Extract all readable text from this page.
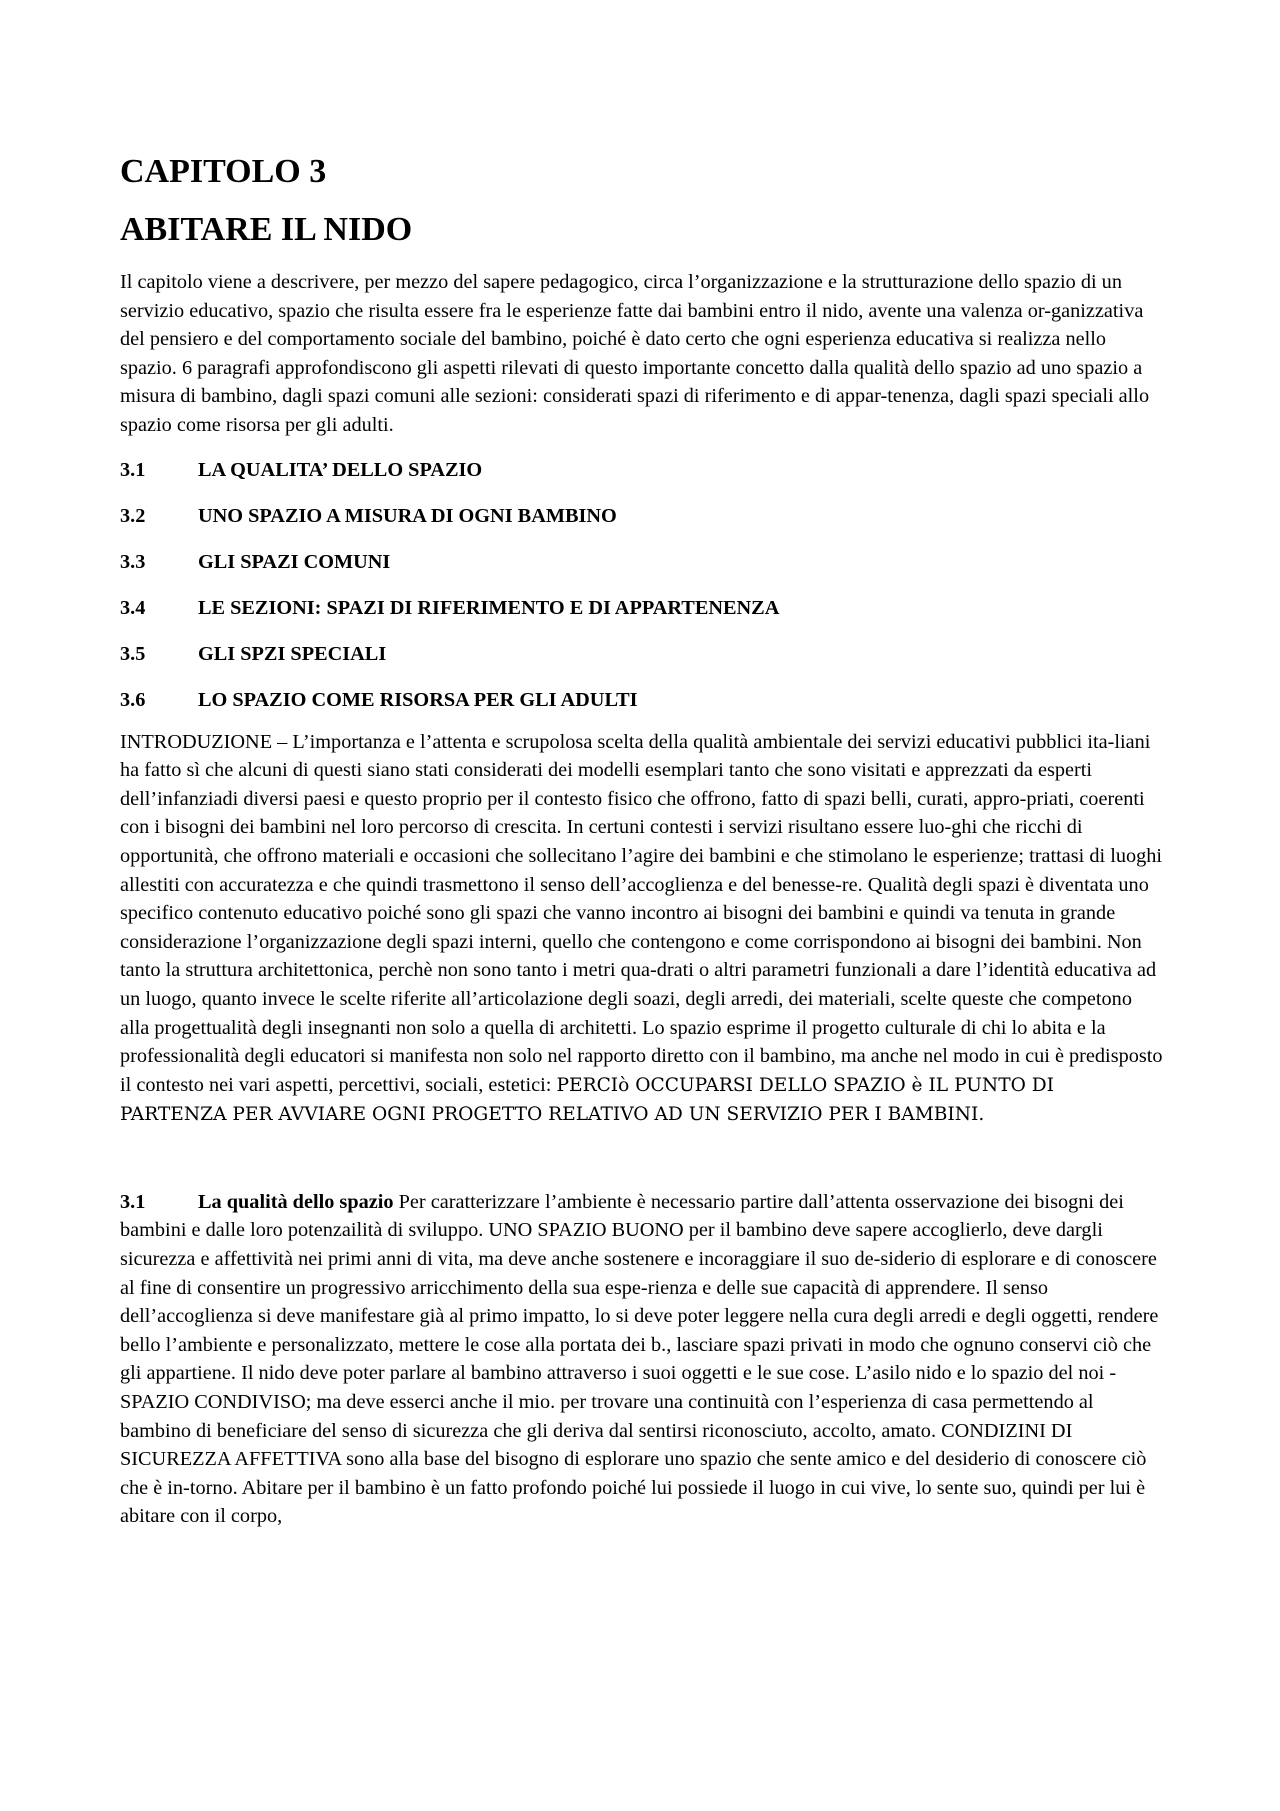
CAPITOLO 3
ABITARE IL NIDO

Il capitolo viene a descrivere, per mezzo del sapere pedagogico, circa l’organizzazione e la strutturazione dello spazio di un servizio educativo, spazio che risulta essere fra le esperienze fatte dai bambini entro il nido, avente una valenza or-ganizzativa del pensiero e del comportamento sociale del bambino, poiché è dato certo che ogni esperienza educativa si realizza nello spazio. 6 paragrafi approfondiscono gli aspetti rilevati di questo importante concetto dalla qualità dello spazio ad uno spazio a misura di bambino, dagli spazi comuni alle sezioni: considerati spazi di riferimento e di appar-tenenza, dagli spazi speciali allo spazio come risorsa per gli adulti.

3.1	LA QUALITA’ DELLO SPAZIO
3.2	UNO SPAZIO A MISURA DI OGNI BAMBINO
3.3	GLI SPAZI COMUNI
3.4	LE SEZIONI: SPAZI DI RIFERIMENTO E DI APPARTENENZA
3.5	GLI SPZI SPECIALI
3.6	LO SPAZIO COME RISORSA PER GLI ADULTI

INTRODUZIONE – L’importanza e l’attenta e scrupolosa scelta della qualità ambientale dei servizi educativi pubblici ita-liani ha fatto sì che alcuni di questi siano stati considerati dei modelli esemplari tanto che sono visitati e apprezzati da esperti dell’infanziadi diversi paesi e questo proprio per il contesto fisico che offrono, fatto di spazi belli, curati, appro-priati, coerenti con i bisogni dei bambini nel loro percorso di crescita. In certuni contesti i servizi risultano essere luo-ghi che ricchi di opportunità, che offrono materiali e occasioni che sollecitano l’agire dei bambini e che stimolano le esperienze; trattasi di luoghi allestiti con accuratezza e che quindi trasmettono il senso dell’accoglienza e del benesse-re. Qualità degli spazi è diventata uno specifico contenuto educativo poiché sono gli spazi che vanno incontro ai bisogni dei bambini e quindi va tenuta in grande considerazione l’organizzazione degli spazi interni, quello che contengono e come corrispondono ai bisogni dei bambini. Non tanto la struttura architettonica, perchè non sono tanto i metri qua-drati o altri parametri funzionali a dare l’identità educativa ad un luogo, quanto invece le scelte riferite all’articolazione degli soazi, degli arredi, dei materiali, scelte queste che competono alla progettualità degli insegnanti non solo a quella di architetti. Lo spazio esprime il progetto culturale di chi lo abita e la professionalità degli educatori si manifesta non solo nel rapporto diretto con il bambino, ma anche nel modo in cui è predisposto il contesto nei vari aspetti, percettivi, sociali, estetici: PERCIò OCCUPARSI DELLO SPAZIO è IL PUNTO DI PARTENZA PER AVVIARE OGNI PROGETTO RELATIVO AD UN SERVIZIO PER I BAMBINI.

3.1	La qualità dello spazio Per caratterizzare l’ambiente è necessario partire dall’attenta osservazione dei bisogni dei bambini e dalle loro potenzailità di sviluppo. UNO SPAZIO BUONO per il bambino deve sapere accoglierlo, deve dargli sicurezza e affettività nei primi anni di vita, ma deve anche sostenere e incoraggiare il suo de-siderio di esplorare e di conoscere al fine di consentire un progressivo arricchimento della sua espe-rienza e delle sue capacità di apprendere. Il senso dell’accoglienza si deve manifestare già al primo impatto, lo si deve poter leggere nella cura degli arredi e degli oggetti, rendere bello l’ambiente e personalizzato, mettere le cose alla portata dei b., lasciare spazi privati in modo che ognuno conservi ciò che gli appartiene. Il nido deve poter parlare al bambino attraverso i suoi oggetti e le sue cose. L’asilo nido e lo spazio del noi - SPAZIO CONDIVISO; ma deve esserci anche il mio. per trovare una continuità con l’esperienza di casa permettendo al bambino di beneficiare del senso di sicurezza che gli deriva dal sentirsi riconosciuto, accolto, amato. CONDIZINI DI SICUREZZA AFFETTIVA sono alla base del bisogno di esplorare uno spazio che sente amico e del desiderio di conoscere ciò che è in-torno. Abitare per il bambino è un fatto profondo poiché lui possiede il luogo in cui vive, lo sente suo, quindi per lui è abitare con il corpo,
